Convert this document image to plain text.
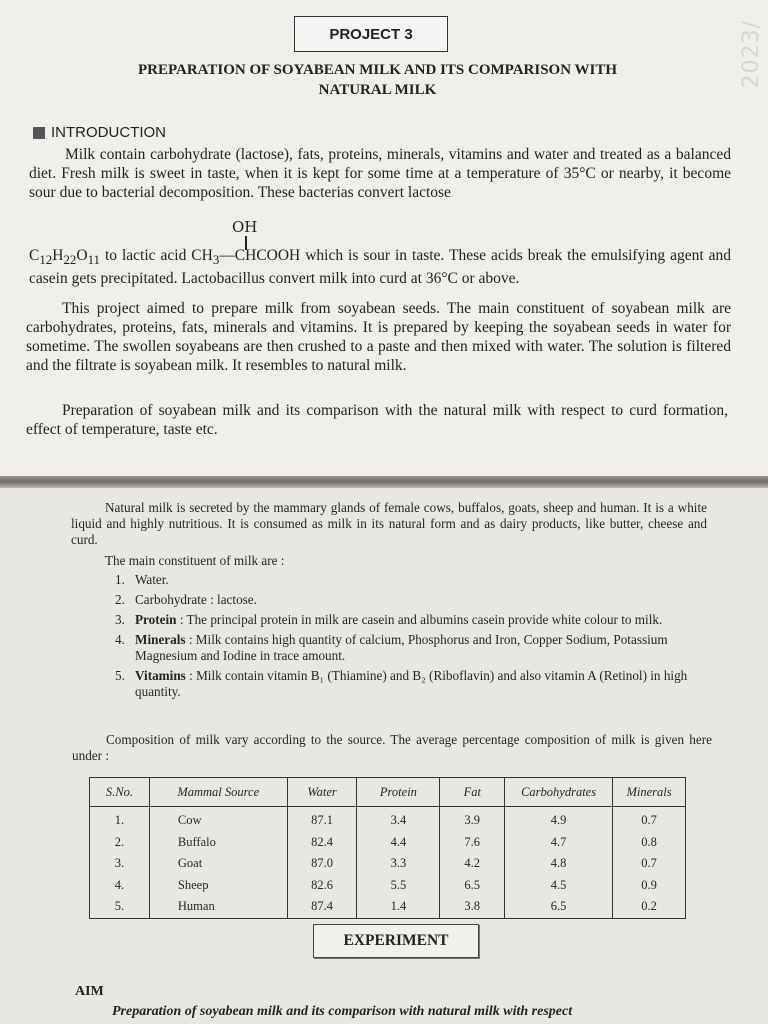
2023/
PROJECT 3
PREPARATION OF SOYABEAN MILK AND ITS COMPARISON WITH NATURAL MILK
INTRODUCTION
Milk contain carbohydrate (lactose), fats, proteins, minerals, vitamins and water and treated as a balanced diet. Fresh milk is sweet in taste, when it is kept for some time at a temperature of 35°C or nearby, it become sour due to bacterial decomposition. These bacterias convert lactose
OH
$C_{12}H_{22}O_{11}$ to lactic acid $CH_3—CHCOOH$ which is sour in taste. These acids break the emulsifying agent and casein gets precipitated. Lactobacillus convert milk into curd at 36°C or above.
This project aimed to prepare milk from soyabean seeds. The main constituent of soyabean milk are carbohydrates, proteins, fats, minerals and vitamins. It is prepared by keeping the soyabean seeds in water for sometime. The swollen soyabeans are then crushed to a paste and then mixed with water. The solution is filtered and the filtrate is soyabean milk. It resembles to natural milk.
Preparation of soyabean milk and its comparison with the natural milk with respect to curd formation, effect of temperature, taste etc.
Natural milk is secreted by the mammary glands of female cows, buffalos, goats, sheep and human. It is a white liquid and highly nutritious. It is consumed as milk in its natural form and as dairy products, like butter, cheese and curd.
The main constituent of milk are :
1. Water.
2. Carbohydrate : lactose.
3. Protein : The principal protein in milk are casein and albumins casein provide white colour to milk.
4. Minerals : Milk contains high quantity of calcium, Phosphorus and Iron, Copper Sodium, Potassium Magnesium and Iodine in trace amount.
5. Vitamins : Milk contain vitamin B₁ (Thiamine) and B₂ (Riboflavin) and also vitamin A (Retinol) in high quantity.
Composition of milk vary according to the source. The average percentage composition of milk is given here under :
S.No.	Mammal Source	Water	Protein	Fat	Carbohydrates	Minerals
1.	Cow	87.1	3.4	3.9	4.9	0.7
2.	Buffalo	82.4	4.4	7.6	4.7	0.8
3.	Goat	87.0	3.3	4.2	4.8	0.7
4.	Sheep	82.6	5.5	6.5	4.5	0.9
5.	Human	87.4	1.4	3.8	6.5	0.2
EXPERIMENT
AIM
Preparation of soyabean milk and its comparison with natural milk with respect
